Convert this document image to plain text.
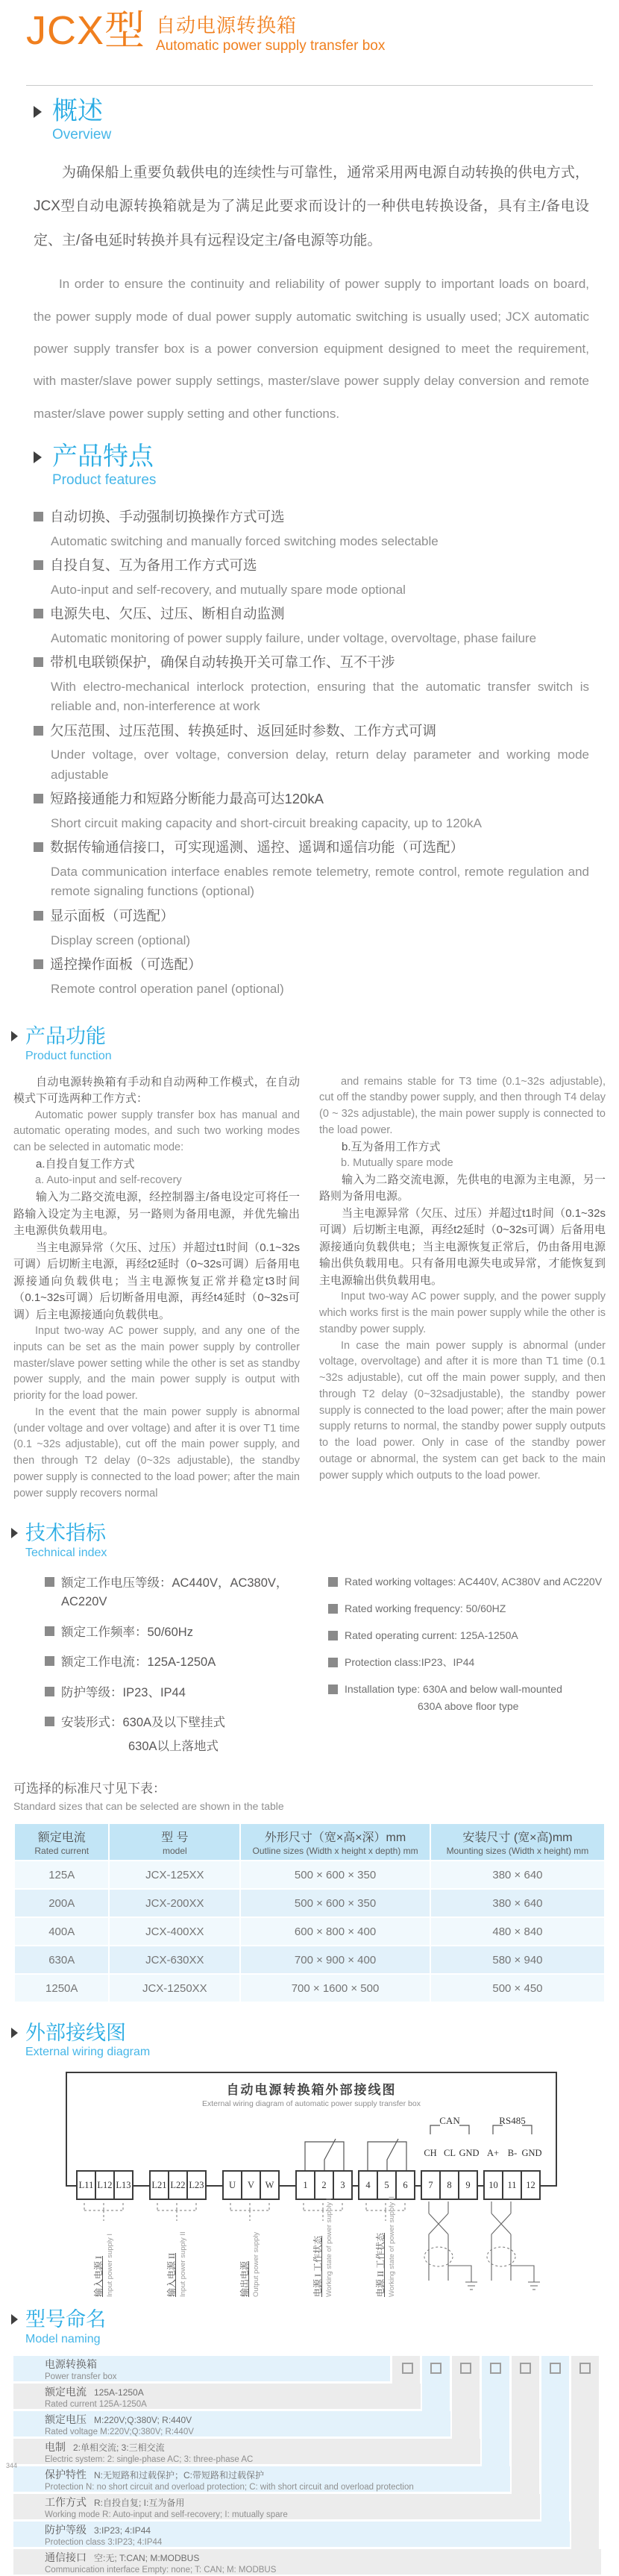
JCX型 自动电源转换箱
Automatic power supply transfer box
概述
Overview

为确保船上重要负载供电的连续性与可靠性，通常采用两电源自动转换的供电方式，JCX型自动电源转换箱就是为了满足此要求而设计的一种供电转换设备，具有主/备电设定、主/备电延时转换并具有远程设定主/备电源等功能。

In order to ensure the continuity and reliability of power supply to important loads on board, the power supply mode of dual power supply automatic switching is usually used; JCX automatic power supply transfer box is a power conversion equipment designed to meet the requirement, with master/slave power supply settings, master/slave power supply delay conversion and remote master/slave power supply setting and other functions.

产品特点
Product features
自动切换、手动强制切换操作方式可选
Automatic switching and manually forced switching modes selectable
自投自复、互为备用工作方式可选
Auto-input and self-recovery, and mutually spare mode optional
电源失电、欠压、过压、断相自动监测
Automatic monitoring of power supply failure, under voltage, overvoltage, phase failure
带机电联锁保护，确保自动转换开关可靠工作、互不干涉
With electro-mechanical interlock protection, ensuring that the automatic transfer switch is reliable and, non-interference at work
欠压范围、过压范围、转换延时、返回延时参数、工作方式可调
Under voltage, over voltage, conversion delay, return delay parameter and working mode adjustable
短路接通能力和短路分断能力最高可达120kA
Short circuit making capacity and short-circuit breaking capacity, up to 120kA
数据传输通信接口，可实现遥测、遥控、遥调和遥信功能（可选配）
Data communication interface enables remote telemetry, remote control, remote regulation and remote signaling functions (optional)
显示面板（可选配）
Display screen (optional)
遥控操作面板（可选配）
Remote control operation panel (optional)
产品功能
Product function

自动电源转换箱有手动和自动两种工作模式，在自动模式下可选两种工作方式：

Automatic power supply transfer box has manual and automatic operating modes, and such two working modes can be selected in automatic mode:

a.自投自复工作方式

a. Auto-input and self-recovery

输入为二路交流电源，经控制器主/备电设定可将任一路输入设定为主电源，另一路则为备用电源，并优先输出主电源供负载用电。

当主电源异常（欠压、过压）并超过t1时间（0.1~32s可调）后切断主电源，再经t2延时（0~32s可调）后备用电源接通向负载供电；当主电源恢复正常并稳定t3时间（0.1~32s可调）后切断备用电源，再经t4延时（0~32s可调）后主电源接通向负载供电。

Input two-way AC power supply, and any one of the inputs can be set as the main power supply by controller master/slave power setting while the other is set as standby power supply, and the main power supply is output with priority for the load power.

In the event that the main power supply is abnormal (under voltage and over voltage) and after it is over T1 time (0.1 ~32s adjustable), cut off the main power supply, and then through T2 delay (0~32s adjustable), the standby power supply is connected to the load power; after the main power supply recovers normal

and remains stable for T3 time (0.1~32s adjustable), cut off the standby power supply, and then through T4 delay (0 ~ 32s adjustable), the main power supply is connected to the load power.

b.互为备用工作方式

b. Mutually spare mode

输入为二路交流电源，先供电的电源为主电源，另一路则为备用电源。

当主电源异常（欠压、过压）并超过t1时间（0.1~32s可调）后切断主电源，再经t2延时（0~32s可调）后备用电源接通向负载供电；当主电源恢复正常后，仍由备用电源输出供负载用电。只有备用电源失电或异常，才能恢复到主电源输出供负载用电。

Input two-way AC power supply, and the power supply which works first is the main power supply while the other is standby power supply.

In case the main power supply is abnormal (under voltage, overvoltage) and after it is more than T1 time (0.1 ~32s adjustable), cut off the main power supply, and then through T2 delay (0~32sadjustable), the standby power supply is connected to the load power; after the main power supply returns to normal, the standby power supply outputs to the load power. Only in case of the standby power outage or abnormal, the system can get back to the main power supply which outputs to the load power.

技术指标
Technical index
额定工作电压等级：AC440V，AC380V，AC220V
额定工作频率：50/60Hz
额定工作电流：125A-1250A
防护等级：IP23、IP44
安装形式：630A及以下壁挂式
630A以上落地式
Rated working voltages: AC440V, AC380V and AC220V
Rated working frequency: 50/60HZ
Rated operating current: 125A-1250A
Protection class:IP23、IP44
Installation type: 630A and below wall-mounted
630A above floor type
可选择的标准尺寸见下表：
Standard sizes that can be selected are shown in the table
额定电流
Rated current	型 号
model	外形尺寸（宽×高×深）mm
Outline sizes (Width x height x depth) mm	安装尺寸 (宽×高)mm
Mounting sizes (Width x height) mm

125A	JCX-125XX	500 × 600 × 350	380 × 640
200A	JCX-200XX	500 × 600 × 350	380 × 640
400A	JCX-400XX	600 × 800 × 400	480 × 840
630A	JCX-630XX	700 × 900 × 400	580 × 940
1250A	JCX-1250XX	700 × 1600 × 500	500 × 450
外部接线图
External wiring diagram
自动电源转换箱外部接线图
External wiring diagram of automatic power supply transfer box
CAN	RS485
CH CL GND A+ B- GND
L11 L12 L13 L21 L22 L23	U	V	W	1	2	3	4	5	6	7	8	9	10	11	12
输入电源 I Input power supply I	输入电源 II Input power supply II	输出电源 Output power supply	电源 I 工作状态 Working state of power supply I	电源 II 工作状态 Working state of power supply II
型号命名
Model naming
电源转换箱
Power transfer box
额定电流 125A-1250A
Rated current 125A-1250A
额定电压 M:220V;Q:380V; R:440V
Rated voltage M:220V;Q:380V; R:440V
电制 2:单相交流; 3:三相交流
Electric system: 2: single-phase AC; 3: three-phase AC
保护特性 N:无短路和过载保护；C:带短路和过载保护
Protection N: no short circuit and overload protection; C: with short circuit and overload protection
工作方式 R:自投自复; I:互为备用
Working mode R: Auto-input and self-recovery; I: mutually spare
防护等级 3:IP23; 4:IP44
Protection class 3:IP23; 4:IP44
通信接口 空:无; T:CAN; M:MODBUS
Communication interface Empty: none; T: CAN; M: MODBUS
344
